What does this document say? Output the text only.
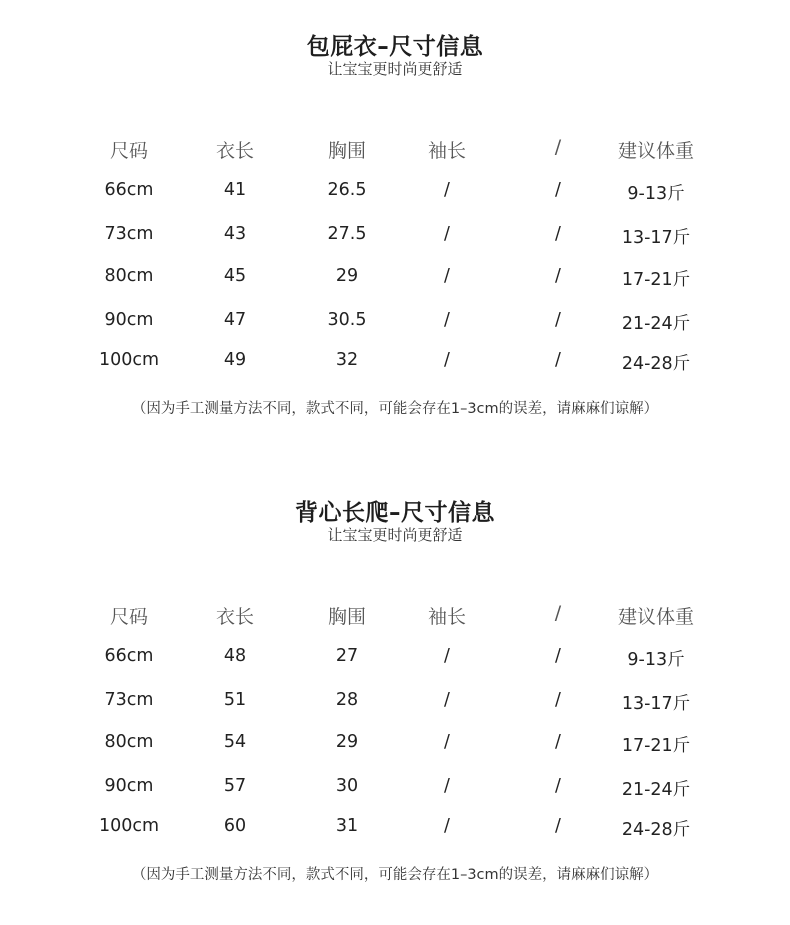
包屁衣–尺寸信息
让宝宝更时尚更舒适
尺码	衣长	胸围	袖长	/	建议体重
66cm	41	26.5	/	/	9-13斤
73cm	43	27.5	/	/	13-17斤
80cm	45	29	/	/	17-21斤
90cm	47	30.5	/	/	21-24斤
100cm	49	32	/	/	24-28斤
（因为手工测量方法不同，款式不同，可能会存在1–3cm的误差，请麻麻们谅解）
背心长爬–尺寸信息
让宝宝更时尚更舒适
尺码	衣长	胸围	袖长	/	建议体重
66cm	48	27	/	/	9-13斤
73cm	51	28	/	/	13-17斤
80cm	54	29	/	/	17-21斤
90cm	57	30	/	/	21-24斤
100cm	60	31	/	/	24-28斤
（因为手工测量方法不同，款式不同，可能会存在1–3cm的误差，请麻麻们谅解）
